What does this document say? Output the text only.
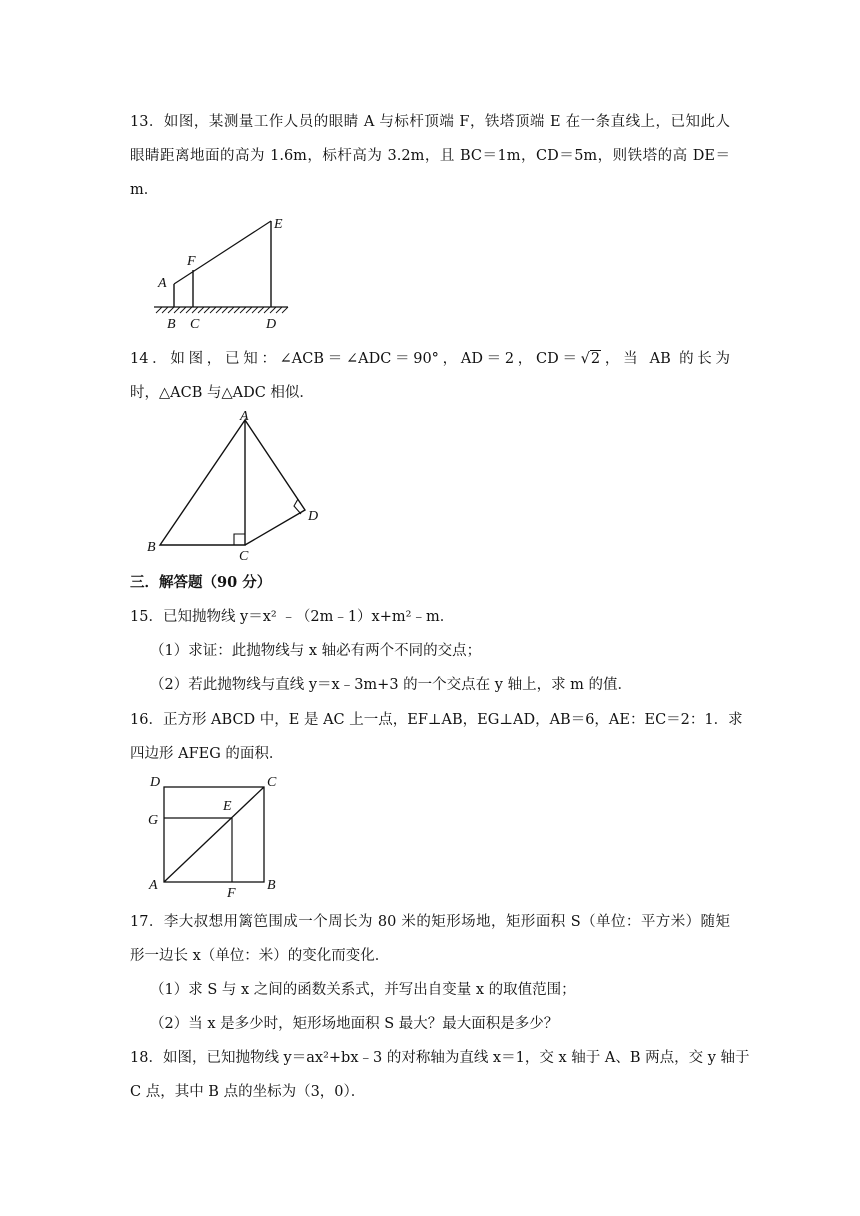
13．如图，某测量工作人员的眼睛 A 与标杆顶端 F，铁塔顶端 E 在一条直线上，已知此人
眼睛距离地面的高为 1.6m，标杆高为 3.2m，且 BC＝1m，CD＝5m，则铁塔的高 DE＝
m．
A
F
E
B C	D
14．如图，已知：∠ACB＝∠ADC＝90°，AD＝2，CD＝√2，当 AB 的长为
时，△ACB 与△ADC 相似．
A
B
C
D
三．解答题（90 分）
15．已知抛物线 y＝x² ﹣（2m﹣1）x+m²﹣m．
（1）求证：此抛物线与 x 轴必有两个不同的交点；
（2）若此抛物线与直线 y＝x﹣3m+3 的一个交点在 y 轴上，求 m 的值．
16．正方形 ABCD 中，E 是 AC 上一点，EF⊥AB，EG⊥AD，AB＝6，AE：EC＝2：1．求
四边形 AFEG 的面积．
D	C
G
E
A
F
B
17．李大叔想用篱笆围成一个周长为 80 米的矩形场地，矩形面积 S（单位：平方米）随矩
形一边长 x（单位：米）的变化而变化．
（1）求 S 与 x 之间的函数关系式，并写出自变量 x 的取值范围；
（2）当 x 是多少时，矩形场地面积 S 最大？最大面积是多少？
18．如图，已知抛物线 y＝ax²+bx﹣3 的对称轴为直线 x＝1，交 x 轴于 A、B 两点，交 y 轴于
C 点，其中 B 点的坐标为（3，0）．
